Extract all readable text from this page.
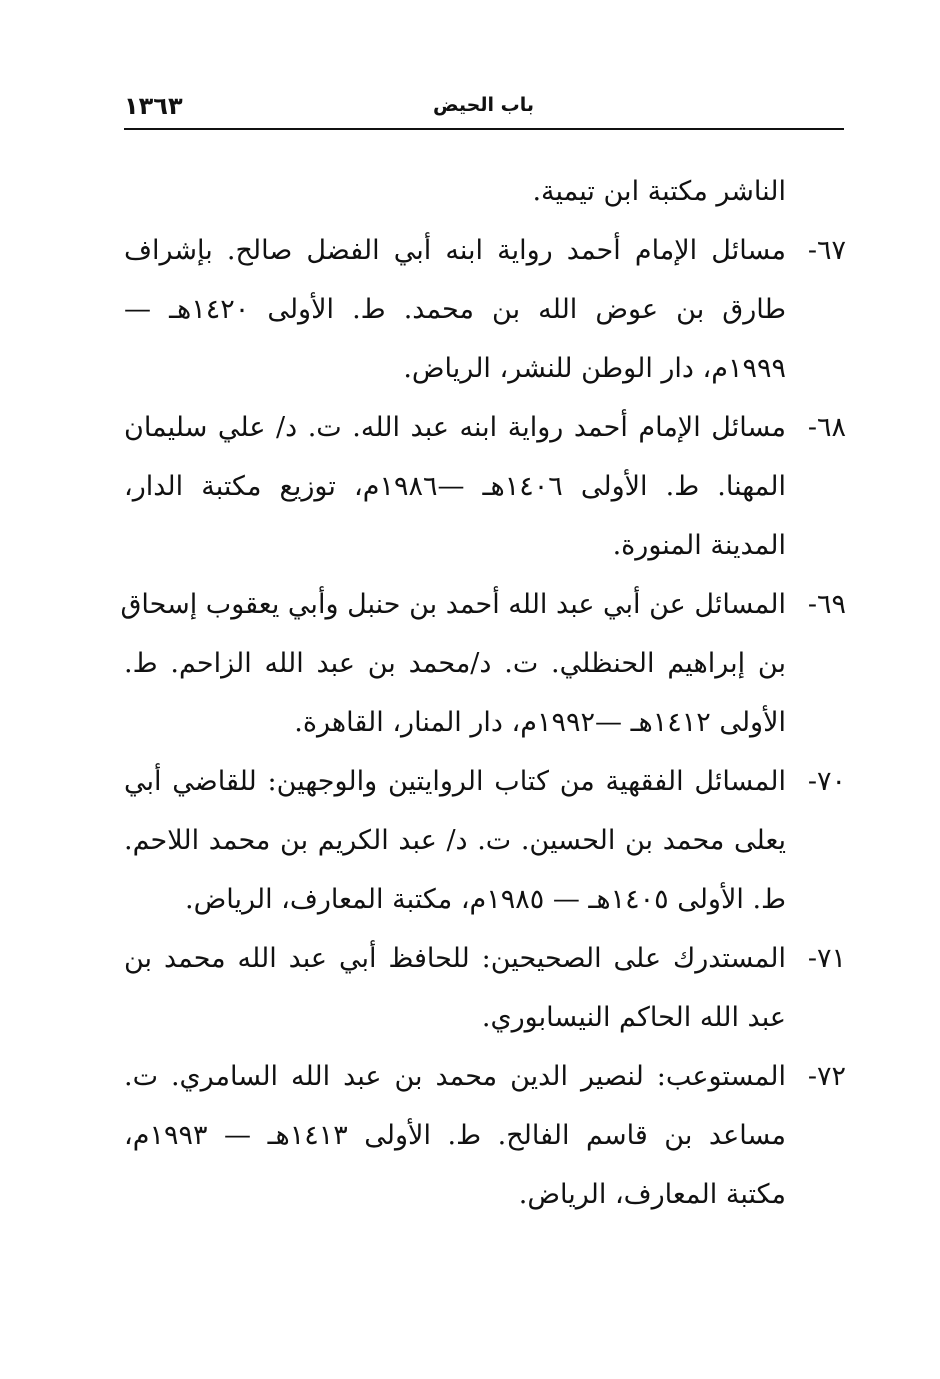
باب الحيض
١٣٦٣
الناشر مكتبة ابن تيمية.
٦٧-
مسائل الإمام أحمد رواية ابنه أبي الفضل صالح. بإشراف
طارق بن عوض الله بن محمد. ط. الأولى ١٤٢٠هـ —
١٩٩٩م، دار الوطن للنشر، الرياض.
٦٨-
مسائل الإمام أحمد رواية ابنه عبد الله. ت. د/ علي سليمان
المهنا. ط. الأولى ١٤٠٦هـ —١٩٨٦م، توزيع مكتبة الدار،
المدينة المنورة.
٦٩-
المسائل عن أبي عبد الله أحمد بن حنبل وأبي يعقوب إسحاق
بن إبراهيم الحنظلي. ت. د/محمد بن عبد الله الزاحم. ط.
الأولى ١٤١٢هـ —١٩٩٢م، دار المنار، القاهرة.
٧٠-
المسائل الفقهية من كتاب الروايتين والوجهين: للقاضي أبي
يعلى محمد بن الحسين. ت. د/ عبد الكريم بن محمد اللاحم.
ط. الأولى ١٤٠٥هـ — ١٩٨٥م، مكتبة المعارف، الرياض.
٧١-
المستدرك على الصحيحين: للحافظ أبي عبد الله محمد بن
عبد الله الحاكم النيسابوري.
٧٢-
المستوعب: لنصير الدين محمد بن عبد الله السامري. ت.
مساعد بن قاسم الفالح. ط. الأولى ١٤١٣هـ — ١٩٩٣م،
مكتبة المعارف، الرياض.
